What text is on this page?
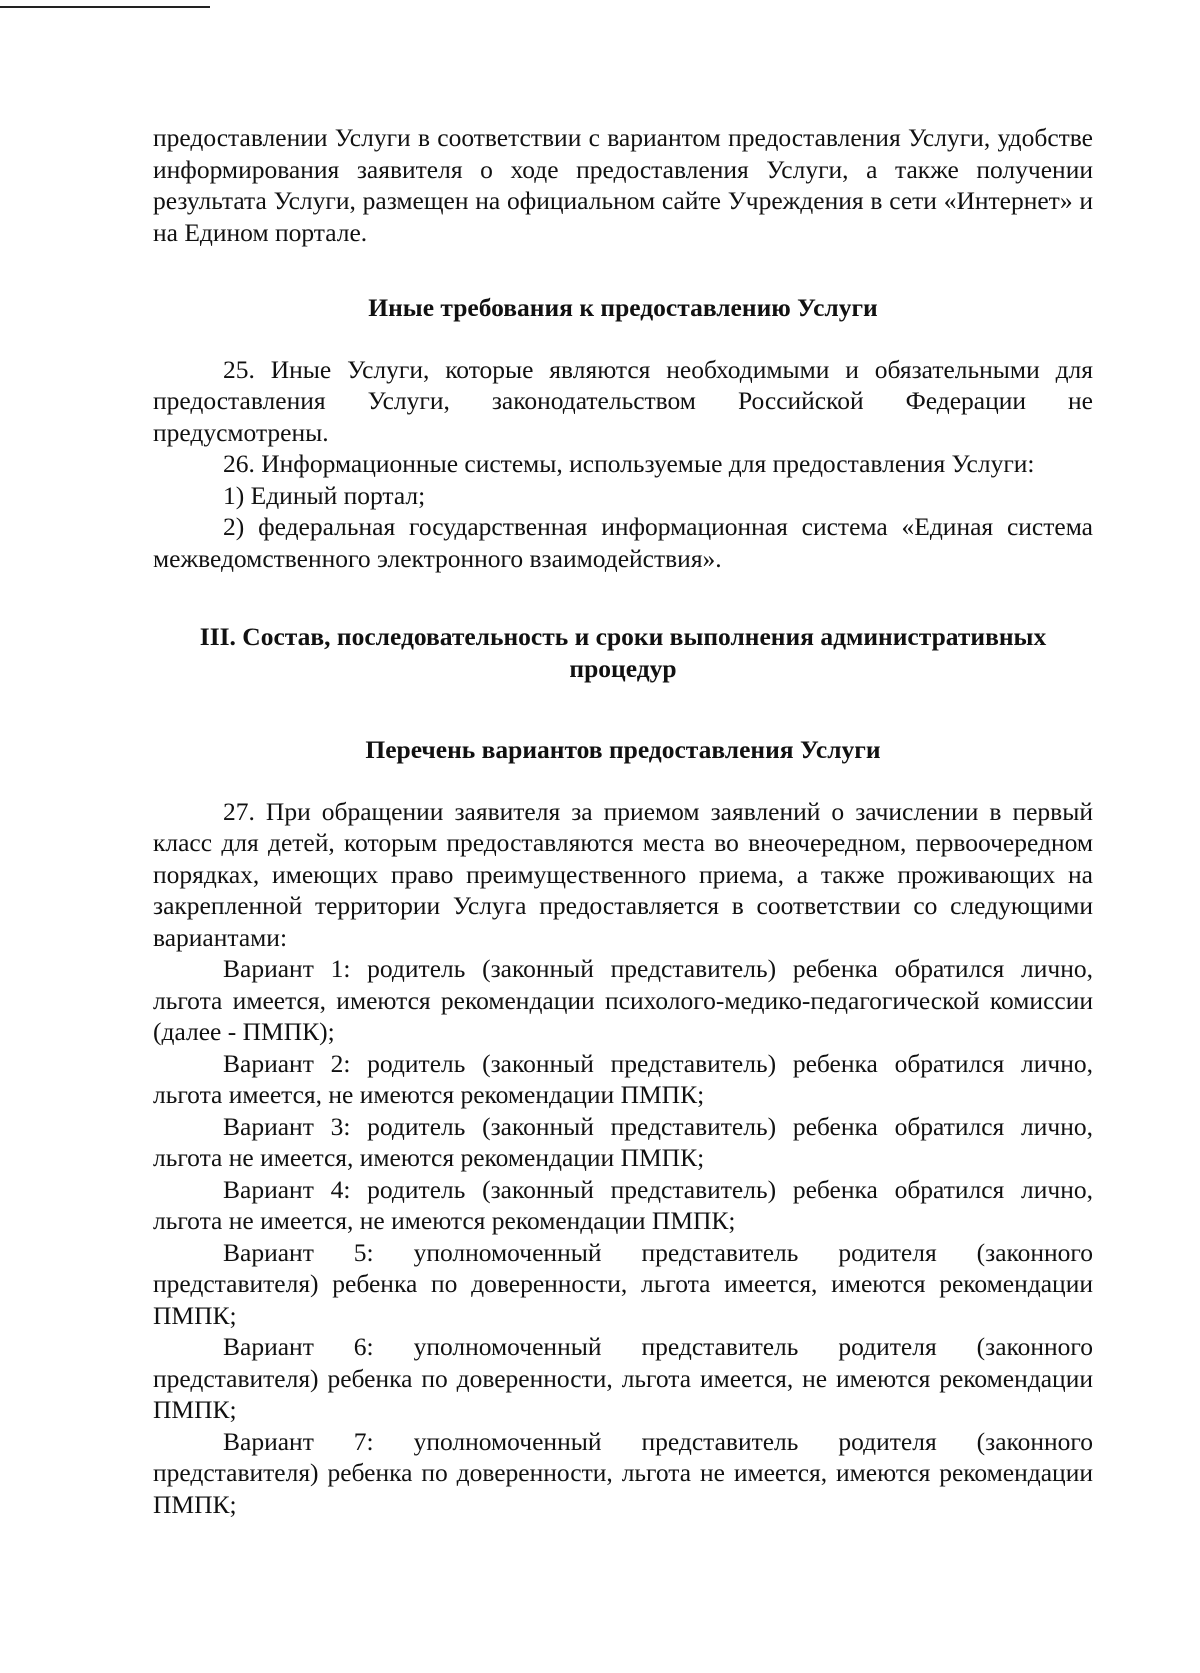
предоставлении Услуги в соответствии с вариантом предоставления Услуги, удобстве информирования заявителя о ходе предоставления Услуги, а также получении результата Услуги, размещен на официальном сайте Учреждения в сети «Интернет» и на Едином портале.

Иные требования к предоставлению Услуги

25. Иные Услуги, которые являются необходимыми и обязательными для предоставления Услуги, законодательством Российской Федерации не предусмотрены.

26. Информационные системы, используемые для предоставления Услуги:

1) Единый портал;

2) федеральная государственная информационная система «Единая система межведомственного электронного взаимодействия».

III. Состав, последовательность и сроки выполнения административных
процедур
Перечень вариантов предоставления Услуги

27. При обращении заявителя за приемом заявлений о зачислении в первый класс для детей, которым предоставляются места во внеочередном, первоочередном порядках, имеющих право преимущественного приема, а также проживающих на закрепленной территории Услуга предоставляется в соответствии со следующими вариантами:

Вариант 1: родитель (законный представитель) ребенка обратился лично, льгота имеется, имеются рекомендации психолого-медико-педагогической комиссии (далее - ПМПК);

Вариант 2: родитель (законный представитель) ребенка обратился лично, льгота имеется, не имеются рекомендации ПМПК;

Вариант 3: родитель (законный представитель) ребенка обратился лично, льгота не имеется, имеются рекомендации ПМПК;

Вариант 4: родитель (законный представитель) ребенка обратился лично, льгота не имеется, не имеются рекомендации ПМПК;

Вариант 5: уполномоченный представитель родителя (законного представителя) ребенка по доверенности, льгота имеется, имеются рекомендации ПМПК;

Вариант 6: уполномоченный представитель родителя (законного представителя) ребенка по доверенности, льгота имеется, не имеются рекомендации ПМПК;

Вариант 7: уполномоченный представитель родителя (законного представителя) ребенка по доверенности, льгота не имеется, имеются рекомендации ПМПК;
